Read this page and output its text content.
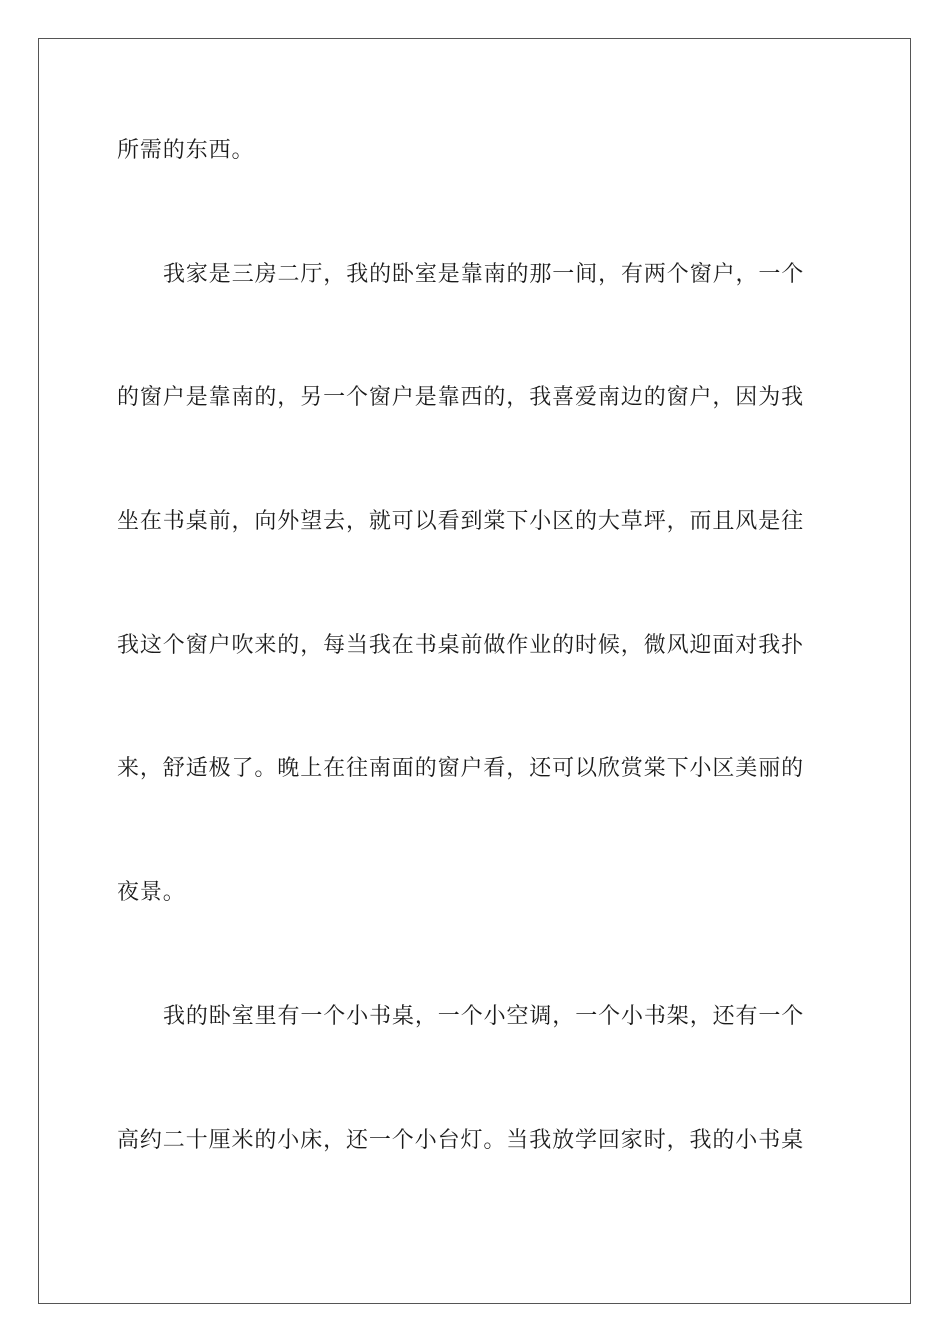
所需的东西。
我家是三房二厅，我的卧室是靠南的那一间，有两个窗户，一个
的窗户是靠南的，另一个窗户是靠西的，我喜爱南边的窗户，因为我
坐在书桌前，向外望去，就可以看到棠下小区的大草坪，而且风是往
我这个窗户吹来的，每当我在书桌前做作业的时候，微风迎面对我扑
来，舒适极了。晚上在往南面的窗户看，还可以欣赏棠下小区美丽的
夜景。
我的卧室里有一个小书桌，一个小空调，一个小书架，还有一个
高约二十厘米的小床，还一个小台灯。当我放学回家时，我的小书桌
